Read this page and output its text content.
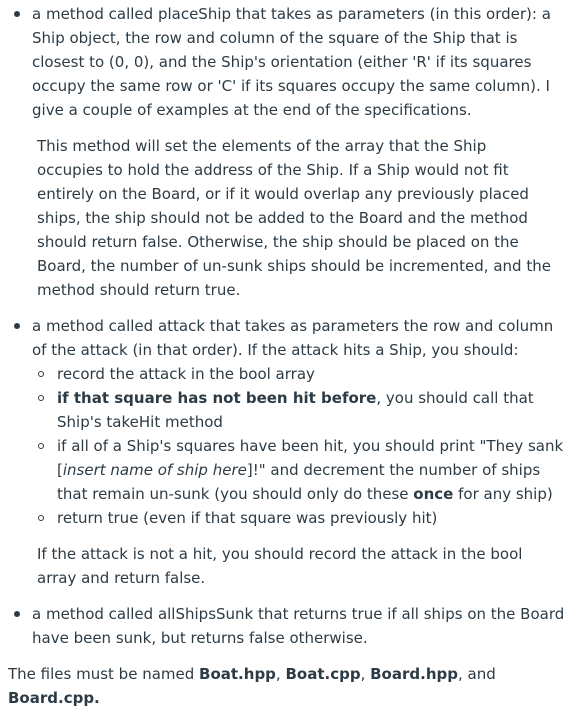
a method called placeShip that takes as parameters (in this order): a Ship object, the row and column of the square of the Ship that is closest to (0, 0), and the Ship's orientation (either 'R' if its squares occupy the same row or 'C' if its squares occupy the same column). I give a couple of examples at the end of the specifications.
This method will set the elements of the array that the Ship occupies to hold the address of the Ship. If a Ship would not fit entirely on the Board, or if it would overlap any previously placed ships, the ship should not be added to the Board and the method should return false. Otherwise, the ship should be placed on the Board, the number of un-sunk ships should be incremented, and the method should return true.
a method called attack that takes as parameters the row and column of the attack (in that order). If the attack hits a Ship, you should:
record the attack in the bool array
if that square has not been hit before, you should call that Ship's takeHit method
if all of a Ship's squares have been hit, you should print "They sank [insert name of ship here]!" and decrement the number of ships that remain un-sunk (you should only do these once for any ship)
return true (even if that square was previously hit)
If the attack is not a hit, you should record the attack in the bool array and return false.
a method called allShipsSunk that returns true if all ships on the Board have been sunk, but returns false otherwise.
The files must be named Boat.hpp, Boat.cpp, Board.hpp, and Board.cpp.
